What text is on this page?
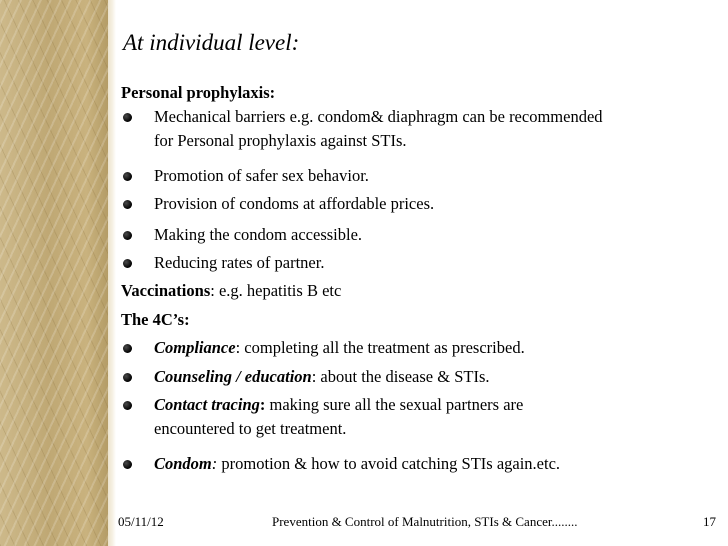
At individual level:
Personal prophylaxis:
Mechanical barriers e.g. condom& diaphragm can be recommended
for Personal prophylaxis against STIs.
Promotion of safer sex behavior.
Provision of condoms at affordable prices.
Making the condom accessible.
Reducing rates of partner.
Vaccinations: e.g. hepatitis B etc
The 4C’s:
Compliance: completing all the treatment as prescribed.
Counseling / education: about the disease & STIs.
Contact tracing: making sure all the sexual partners are
encountered to get treatment.
Condom: promotion & how to avoid catching STIs again.etc.
05/11/12	Prevention & Control of Malnutrition, STIs & Cancer........	17
